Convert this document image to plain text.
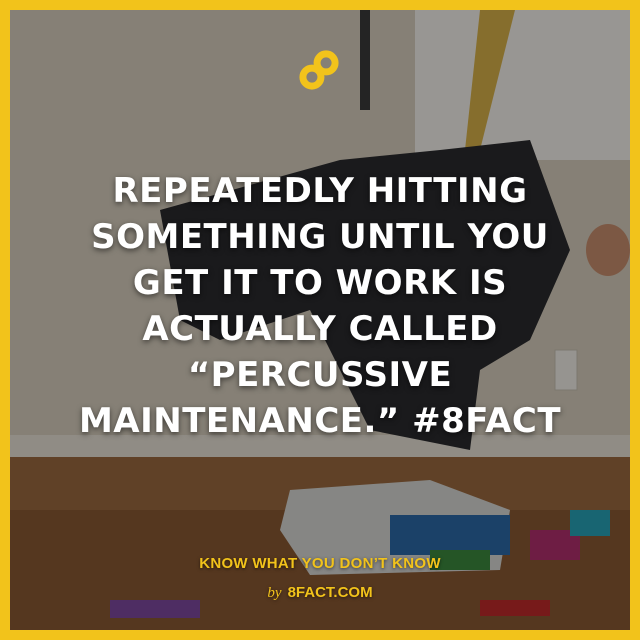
REPEATEDLY HITTING
SOMETHING UNTIL YOU
GET IT TO WORK IS
ACTUALLY CALLED
“PERCUSSIVE
MAINTENANCE.” #8FACT
KNOW WHAT YOU DON’T KNOW
by 8FACT.COM
